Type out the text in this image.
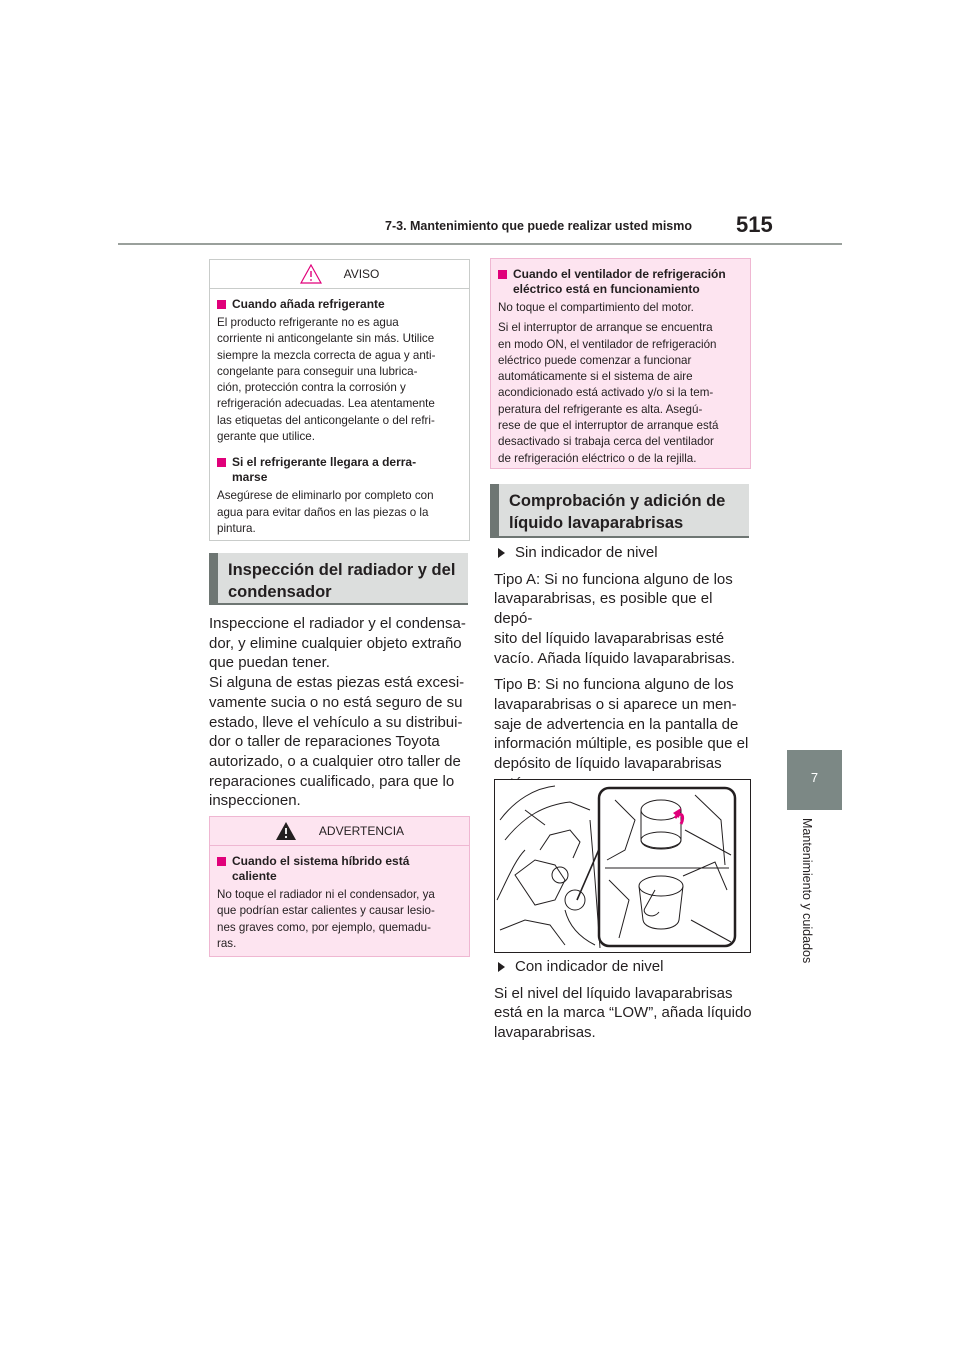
7-3. Mantenimiento que puede realizar usted mismo 515
7
Mantenimiento y cuidados
AVISO
Cuando añada refrigerante
El producto refrigerante no es agua
corriente ni anticongelante sin más. Utilice
siempre la mezcla correcta de agua y anti-
congelante para conseguir una lubrica-
ción, protección contra la corrosión y
refrigeración adecuadas. Lea atentamente
las etiquetas del anticongelante o del refri-
gerante que utilice.
Si el refrigerante llegara a derra-
marse
Asegúrese de eliminarlo por completo con
agua para evitar daños en las piezas o la
pintura.
Inspección del radiador y del
condensador
Inspeccione el radiador y el condensa-
dor, y elimine cualquier objeto extraño
que puedan tener.
Si alguna de estas piezas está excesi-
vamente sucia o no está seguro de su
estado, lleve el vehículo a su distribui-
dor o taller de reparaciones Toyota
autorizado, o a cualquier otro taller de
reparaciones cualificado, para que lo
inspeccionen.
ADVERTENCIA
Cuando el sistema híbrido está
caliente
No toque el radiador ni el condensador, ya
que podrían estar calientes y causar lesio-
nes graves como, por ejemplo, quemadu-
ras.
Cuando el ventilador de refrigeración
eléctrico está en funcionamiento
No toque el compartimiento del motor.
Si el interruptor de arranque se encuentra
en modo ON, el ventilador de refrigeración
eléctrico puede comenzar a funcionar
automáticamente si el sistema de aire
acondicionado está activado y/o si la tem-
peratura del refrigerante es alta. Asegú-
rese de que el interruptor de arranque está
desactivado si trabaja cerca del ventilador
de refrigeración eléctrico o de la rejilla.
Comprobación y adición de
líquido lavaparabrisas
Sin indicador de nivel
Tipo A: Si no funciona alguno de los
lavaparabrisas, es posible que el depó-
sito del líquido lavaparabrisas esté
vacío. Añada líquido lavaparabrisas.
Tipo B: Si no funciona alguno de los
lavaparabrisas o si aparece un men-
saje de advertencia en la pantalla de
información múltiple, es posible que el
depósito de líquido lavaparabrisas
Con indicador de nivel
Si el nivel del líquido lavaparabrisas
está en la marca “LOW”, añada líquido
lavaparabrisas.
